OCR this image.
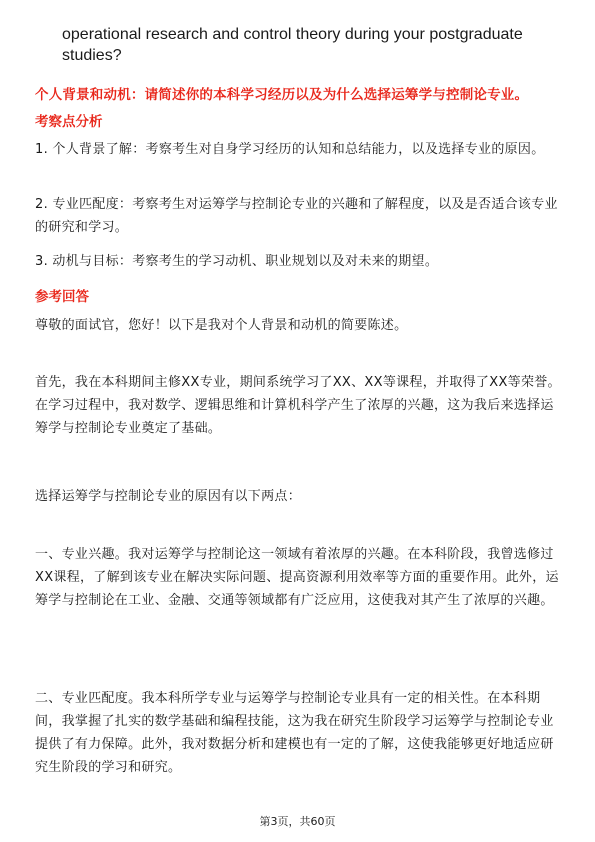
operational research and control theory during your postgraduate studies?
个人背景和动机：请简述你的本科学习经历以及为什么选择运筹学与控制论专业。
考察点分析
1. 个人背景了解：考察考生对自身学习经历的认知和总结能力，以及选择专业的原因。
2. 专业匹配度：考察考生对运筹学与控制论专业的兴趣和了解程度，以及是否适合该专业的研究和学习。
3. 动机与目标：考察考生的学习动机、职业规划以及对未来的期望。
参考回答
尊敬的面试官，您好！以下是我对个人背景和动机的简要陈述。
首先，我在本科期间主修XX专业，期间系统学习了XX、XX等课程，并取得了XX等荣誉。在学习过程中，我对数学、逻辑思维和计算机科学产生了浓厚的兴趣，这为我后来选择运筹学与控制论专业奠定了基础。
选择运筹学与控制论专业的原因有以下两点：
一、专业兴趣。我对运筹学与控制论这一领域有着浓厚的兴趣。在本科阶段，我曾选修过XX课程，了解到该专业在解决实际问题、提高资源利用效率等方面的重要作用。此外，运筹学与控制论在工业、金融、交通等领域都有广泛应用，这使我对其产生了浓厚的兴趣。
二、专业匹配度。我本科所学专业与运筹学与控制论专业具有一定的相关性。在本科期间，我掌握了扎实的数学基础和编程技能，这为我在研究生阶段学习运筹学与控制论专业提供了有力保障。此外，我对数据分析和建模也有一定的了解，这使我能够更好地适应研究生阶段的学习和研究。
第3页，共60页
